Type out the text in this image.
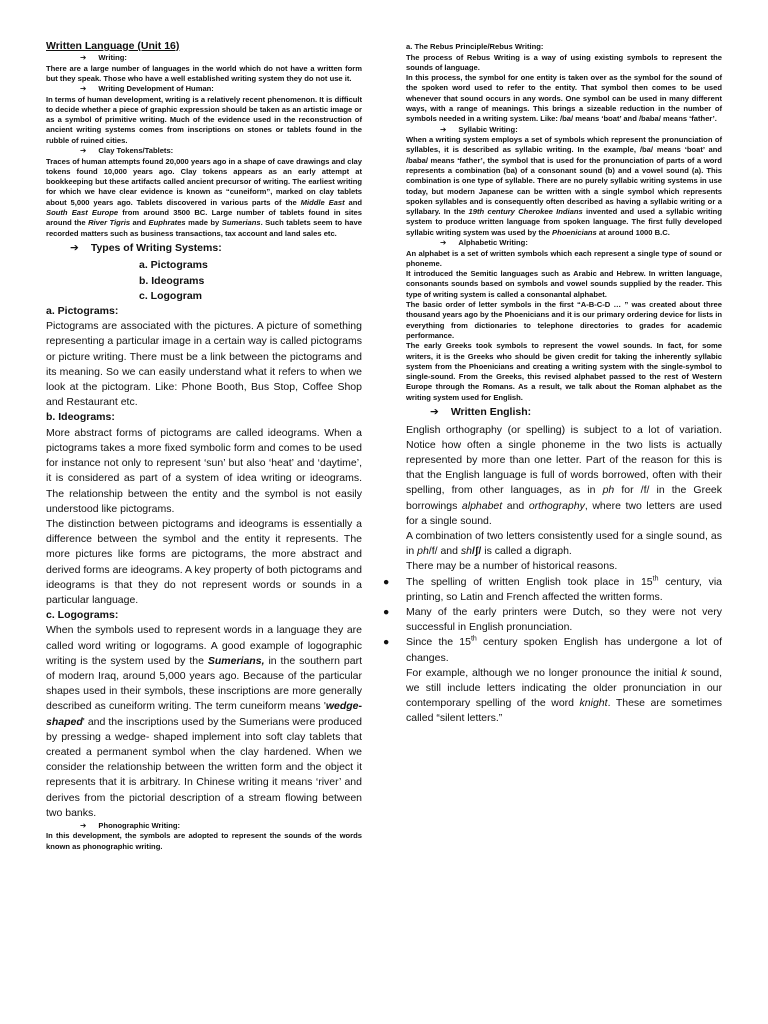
Written Language (Unit 16)

➔ Writing:

There are a large number of languages in the world which do not have a written form but they speak. Those who have a well established writing system they do not use it.

➔ Writing Development of Human:

In terms of human development, writing is a relatively recent phenomenon. It is difficult to decide whether a piece of graphic expression should be taken as an artistic image or as a symbol of primitive writing. Much of the evidence used in the reconstruction of ancient writing systems comes from inscriptions on stones or tablets found in the rubble of ruined cities.

➔ Clay Tokens/Tablets:

Traces of human attempts found 20,000 years ago in a shape of cave drawings and clay tokens found 10,000 years ago. Clay tokens appears as an early attempt at bookkeeping but these artifacts called ancient precursor of writing. The earliest writing for which we have clear evidence is known as “cuneiform”, marked on clay tablets about 5,000 years ago. Tablets discovered in various parts of the Middle East and South East Europe from around 3500 BC. Large number of tablets found in sites around the River Tigris and Euphrates made by Sumerians. Such tablets seem to have recorded matters such as business transactions, tax account and land sales etc.

➔ Types of Writing Systems:

a. Pictograms
b. Ideograms
c. Logogram

a. Pictograms:

Pictograms are associated with the pictures. A picture of something representing a particular image in a certain way is called pictograms or picture writing. There must be a link between the pictograms and its meaning. So we can easily understand what it refers to when we look at the pictogram. Like: Phone Booth, Bus Stop, Coffee Shop and Restaurant etc.

b. Ideograms:

More abstract forms of pictograms are called ideograms. When a pictograms takes a more fixed symbolic form and comes to be used for instance not only to represent ‘sun’ but also ‘heat’ and ‘daytime’, it is considered as part of a system of idea writing or ideograms. The relationship between the entity and the symbol is not easily understood like pictograms.

The distinction between pictograms and ideograms is essentially a difference between the symbol and the entity it represents. The more pictures like forms are pictograms, the more abstract and derived forms are ideograms. A key property of both pictograms and ideograms is that they do not represent words or sounds in a particular language.

c. Logograms:

When the symbols used to represent words in a language they are called word writing or logograms. A good example of logographic writing is the system used by the Sumerians, in the southern part of modern Iraq, around 5,000 years ago. Because of the particular shapes used in their symbols, these inscriptions are more generally described as cuneiform writing. The term cuneiform means 'wedge-shaped' and the inscriptions used by the Sumerians were produced by pressing a wedge- shaped implement into soft clay tablets that created a permanent symbol when the clay hardened. When we consider the relationship between the written form and the object it represents that it is arbitrary. In Chinese writing it means ‘river’ and derives from the pictorial description of a stream flowing between two banks.

➔ Phonographic Writing:

In this development, the symbols are adopted to represent the sounds of the words known as phonographic writing.

a. The Rebus Principle/Rebus Writing:

The process of Rebus Writing is a way of using existing symbols to represent the sounds of language.

In this process, the symbol for one entity is taken over as the symbol for the sound of the spoken word used to refer to the entity. That symbol then comes to be used whenever that sound occurs in any words. One symbol can be used in many different ways, with a range of meanings. This brings a sizeable reduction in the number of symbols needed in a writing system. Like: /ba/ means ‘boat’ and /baba/ means ‘father’.

➔ Syllabic Writing:

When a writing system employs a set of symbols which represent the pronunciation of syllables, it is described as syllabic writing. In the example, /ba/ means ‘boat’ and /baba/ means ‘father’, the symbol that is used for the pronunciation of parts of a word represents a combination (ba) of a consonant sound (b) and a vowel sound (a). This combination is one type of syllable. There are no purely syllabic writing systems in use today, but modern Japanese can be written with a single symbol which represents spoken syllables and is consequently often described as having a syllabic writing or a syllabary. In the 19th century Cherokee Indians invented and used a syllabic writing system to produce written language from spoken language. The first fully developed syllabic writing system was used by the Phoenicians at around 1000 B.C.

➔ Alphabetic Writing:

An alphabet is a set of written symbols which each represent a single type of sound or phoneme.

It introduced the Semitic languages such as Arabic and Hebrew. In written language, consonants sounds based on symbols and vowel sounds supplied by the reader. This type of writing system is called a consonantal alphabet.

The basic order of letter symbols in the first “A-B-C-D … ” was created about three thousand years ago by the Phoenicians and it is our primary ordering device for lists in everything from dictionaries to telephone directories to grades for academic performance.

The early Greeks took symbols to represent the vowel sounds. In fact, for some writers, it is the Greeks who should be given credit for taking the inherently syllabic system from the Phoenicians and creating a writing system with the single-symbol to single-sound. From the Greeks, this revised alphabet passed to the rest of Western Europe through the Romans. As a result, we talk about the Roman alphabet as the writing system used for English.

➔ Written English:

English orthography (or spelling) is subject to a lot of variation. Notice how often a single phoneme in the two lists is actually represented by more than one letter. Part of the reason for this is that the English language is full of words borrowed, often with their spelling, from other languages, as in ph for /f/ in the Greek borrowings alphabet and orthography, where two letters are used for a single sound.

A combination of two letters consistently used for a single sound, as in ph/f/ and sh/ʃ/ is called a digraph.

There may be a number of historical reasons.

●	The spelling of written English took place in 15th century, via printing, so Latin and French affected the written forms.

●	Many of the early printers were Dutch, so they were not very successful in English pronunciation.

●	Since the 15th century spoken English has undergone a lot of changes.

For example, although we no longer pronounce the initial k sound, we still include letters indicating the older pronunciation in our contemporary spelling of the word knight. These are sometimes called “silent letters.”
